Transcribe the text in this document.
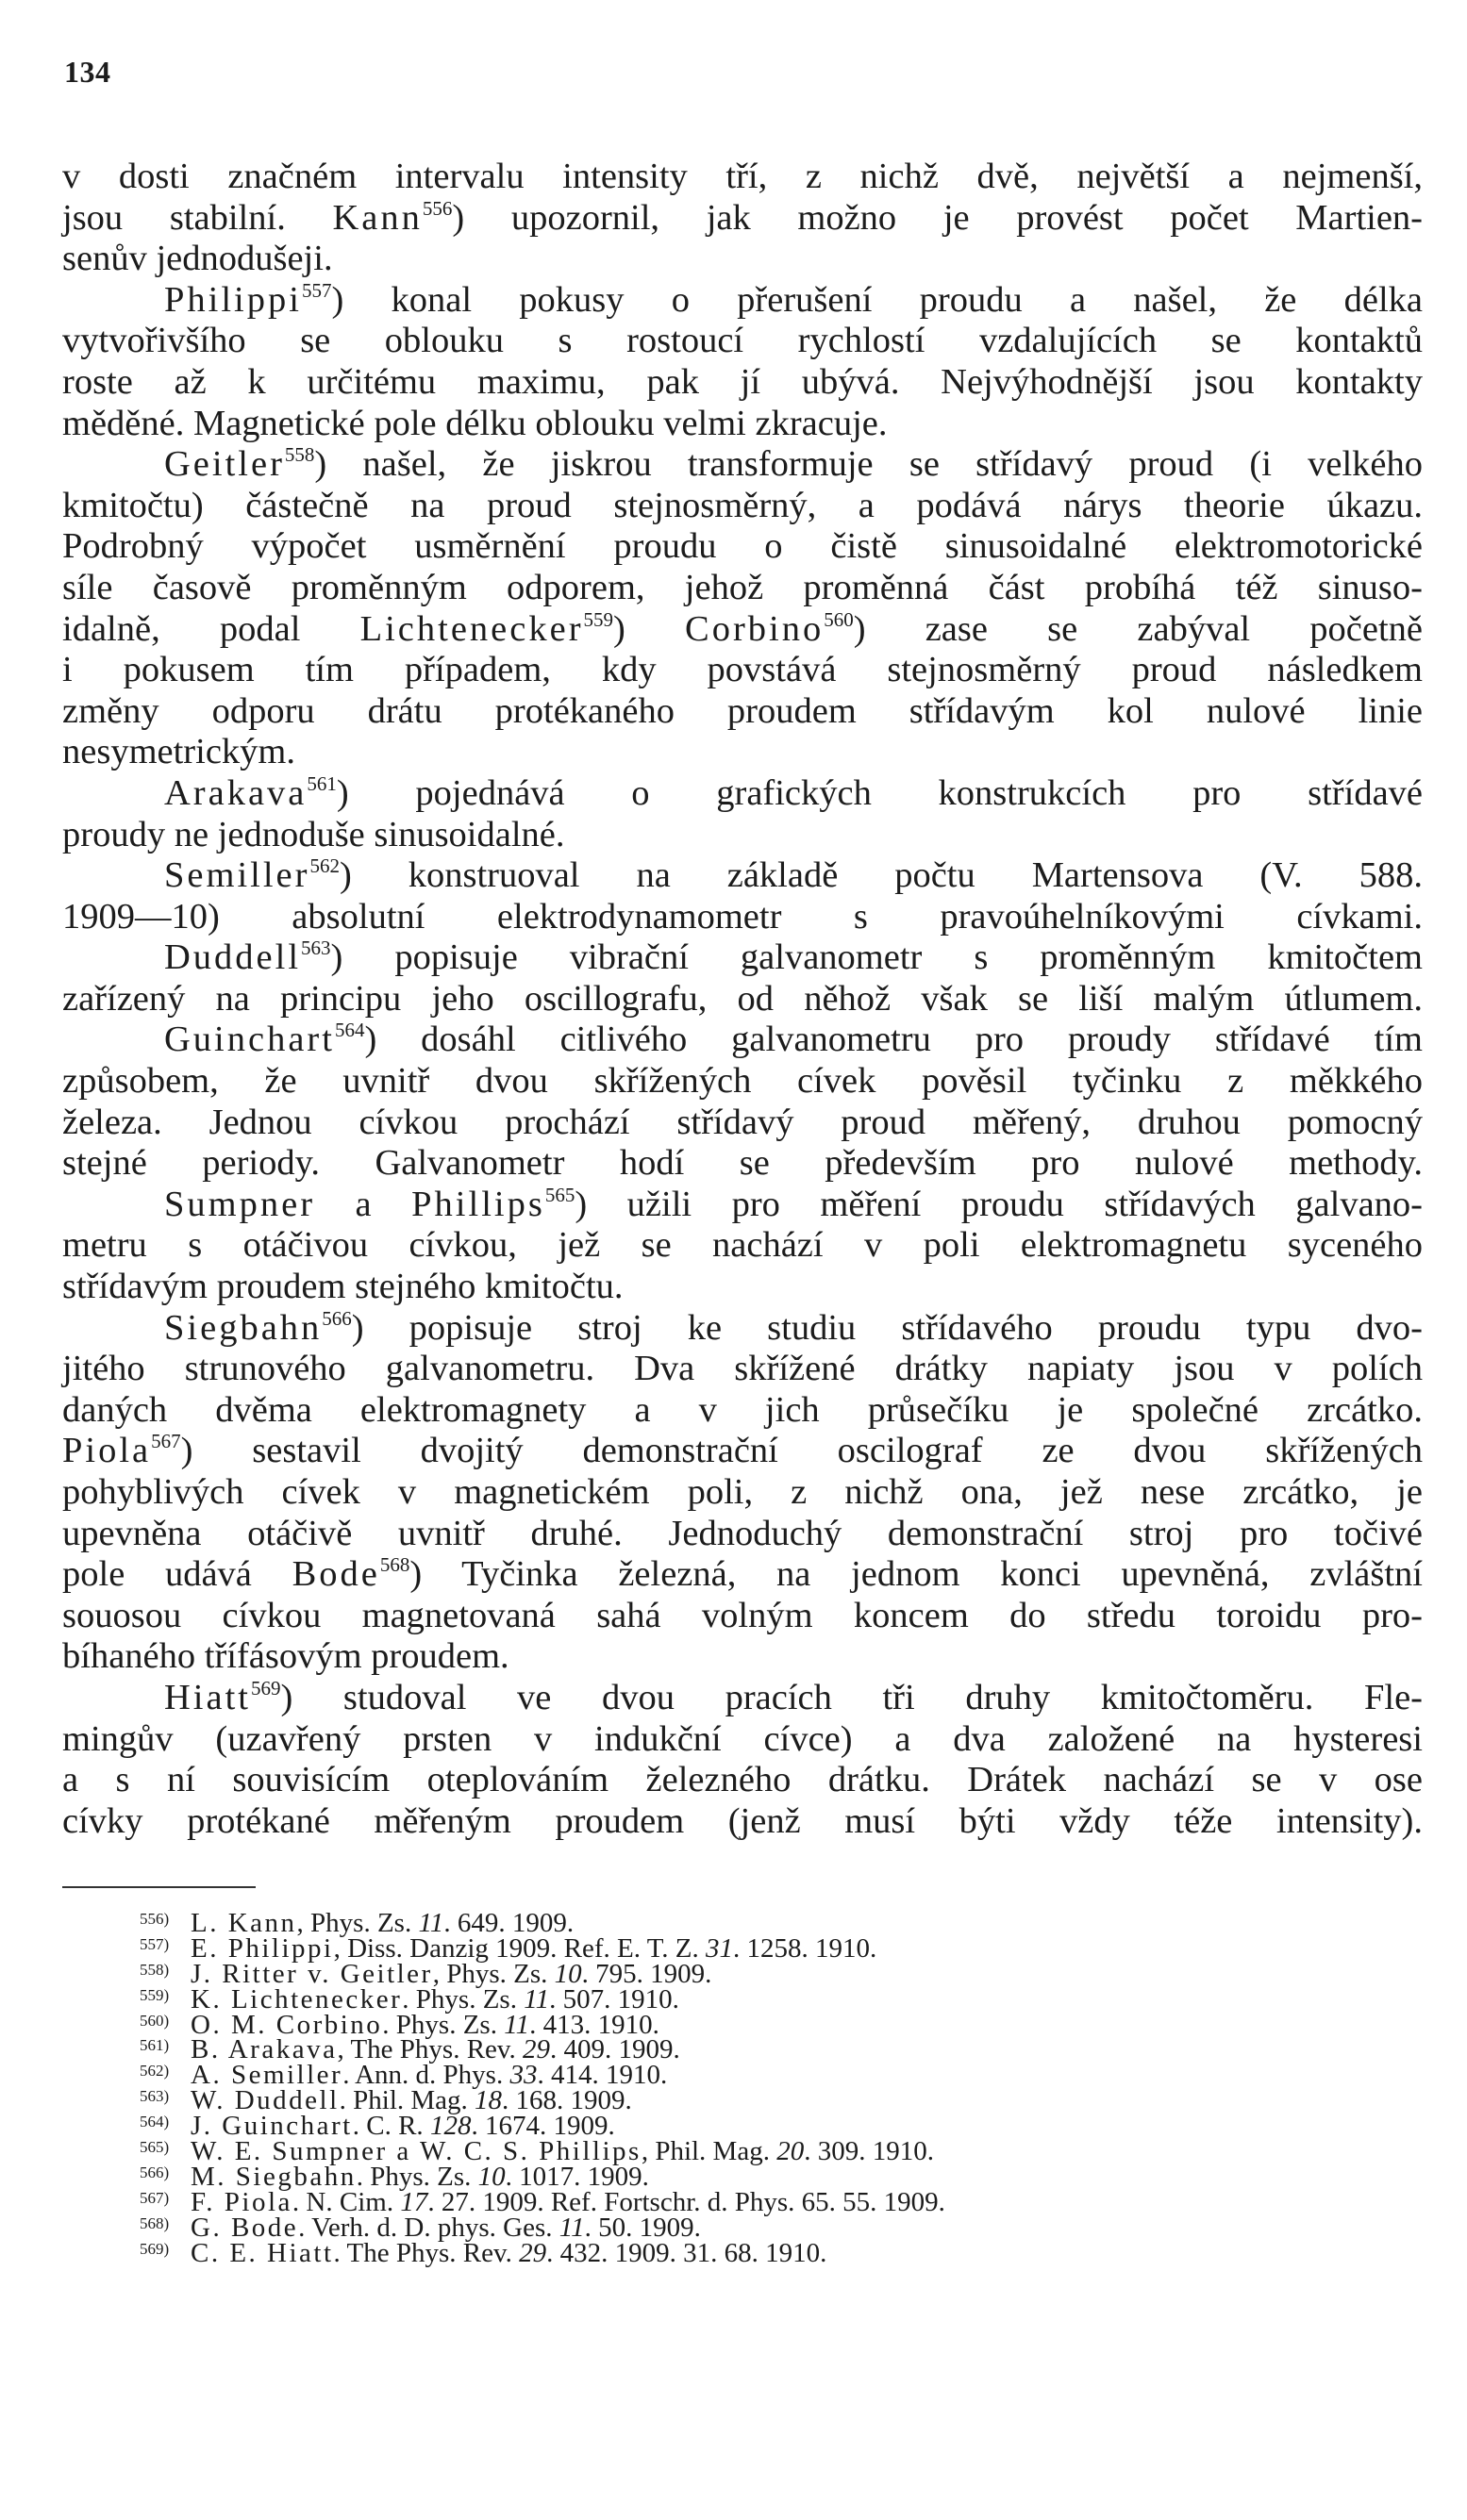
134
v dosti značném intervalu intensity tří, z nichž dvě, největší a nejmenší,
jsou stabilní. Kann$^{556}$) upozornil, jak možno je provést počet Martien-
senův jednodušeji.
Philippi$^{557}$) konal pokusy o přerušení proudu a našel, že délka
vytvořivšího se oblouku s rostoucí rychlostí vzdalujících se kontaktů
roste až k určitému maximu, pak jí ubývá. Nejvýhodnější jsou kontakty
měděné. Magnetické pole délku oblouku velmi zkracuje.
Geitler$^{558}$) našel, že jiskrou transformuje se střídavý proud (i velkého
kmitočtu) částečně na proud stejnosměrný, a podává nárys theorie úkazu.
Podrobný výpočet usměrnění proudu o čistě sinusoidalné elektromotorické
síle časově proměnným odporem, jehož proměnná část probíhá též sinuso-
idalně, podal Lichtenecker$^{559}$) Corbino$^{560}$) zase se zabýval početně
i pokusem tím případem, kdy povstává stejnosměrný proud následkem
změny odporu drátu protékaného proudem střídavým kol nulové linie
nesymetrickým.
Arakava$^{561}$) pojednává o grafických konstrukcích pro střídavé
proudy ne jednoduše sinusoidalné.
Semiller$^{562}$) konstruoval na základě počtu Martensova (V. 588.
1909—10) absolutní elektrodynamometr s pravoúhelníkovými cívkami.
Duddell$^{563}$) popisuje vibrační galvanometr s proměnným kmitočtem
zařízený na principu jeho oscillografu, od něhož však se liší malým útlumem.
Guinchart$^{564}$) dosáhl citlivého galvanometru pro proudy střídavé tím
způsobem, že uvnitř dvou skřížených cívek pověsil tyčinku z měkkého
železa. Jednou cívkou prochází střídavý proud měřený, druhou pomocný
stejné periody. Galvanometr hodí se především pro nulové methody.
Sumpner a Phillips$^{565}$) užili pro měření proudu střídavých galvano-
metru s otáčivou cívkou, jež se nachází v poli elektromagnetu syceného
střídavým proudem stejného kmitočtu.
Siegbahn$^{566}$) popisuje stroj ke studiu střídavého proudu typu dvo-
jitého strunového galvanometru. Dva skřížené drátky napiaty jsou v polích
daných dvěma elektromagnety a v jich průsečíku je společné zrcátko.
Piola$^{567}$) sestavil dvojitý demonstrační oscilograf ze dvou skřížených
pohyblivých cívek v magnetickém poli, z nichž ona, jež nese zrcátko, je
upevněna otáčivě uvnitř druhé. Jednoduchý demonstrační stroj pro točivé
pole udává Bode$^{568}$) Tyčinka železná, na jednom konci upevněná, zvláštní
souosou cívkou magnetovaná sahá volným koncem do středu toroidu pro-
bíhaného třífásovým proudem.
Hiatt$^{569}$) studoval ve dvou pracích tři druhy kmitočtoměru. Fle-
mingův (uzavřený prsten v indukční cívce) a dva založené na hysteresi
a s ní souvisícím oteplováním železného drátku. Drátek nachází se v ose
cívky protékané měřeným proudem (jenž musí býti vždy téže intensity).
556) L. Kann, Phys. Zs. 11. 649. 1909.
557) E. Philippi, Diss. Danzig 1909. Ref. E. T. Z. 31. 1258. 1910.
558) J. Ritter v. Geitler, Phys. Zs. 10. 795. 1909.
559) K. Lichtenecker. Phys. Zs. 11. 507. 1910.
560) O. M. Corbino. Phys. Zs. 11. 413. 1910.
561) B. Arakava, The Phys. Rev. 29. 409. 1909.
562) A. Semiller. Ann. d. Phys. 33. 414. 1910.
563) W. Duddell. Phil. Mag. 18. 168. 1909.
564) J. Guinchart. C. R. 128. 1674. 1909.
565) W. E. Sumpner a W. C. S. Phillips, Phil. Mag. 20. 309. 1910.
566) M. Siegbahn. Phys. Zs. 10. 1017. 1909.
567) F. Piola. N. Cim. 17. 27. 1909. Ref. Fortschr. d. Phys. 65. 55. 1909.
568) G. Bode. Verh. d. D. phys. Ges. 11. 50. 1909.
569) C. E. Hiatt. The Phys. Rev. 29. 432. 1909. 31. 68. 1910.
